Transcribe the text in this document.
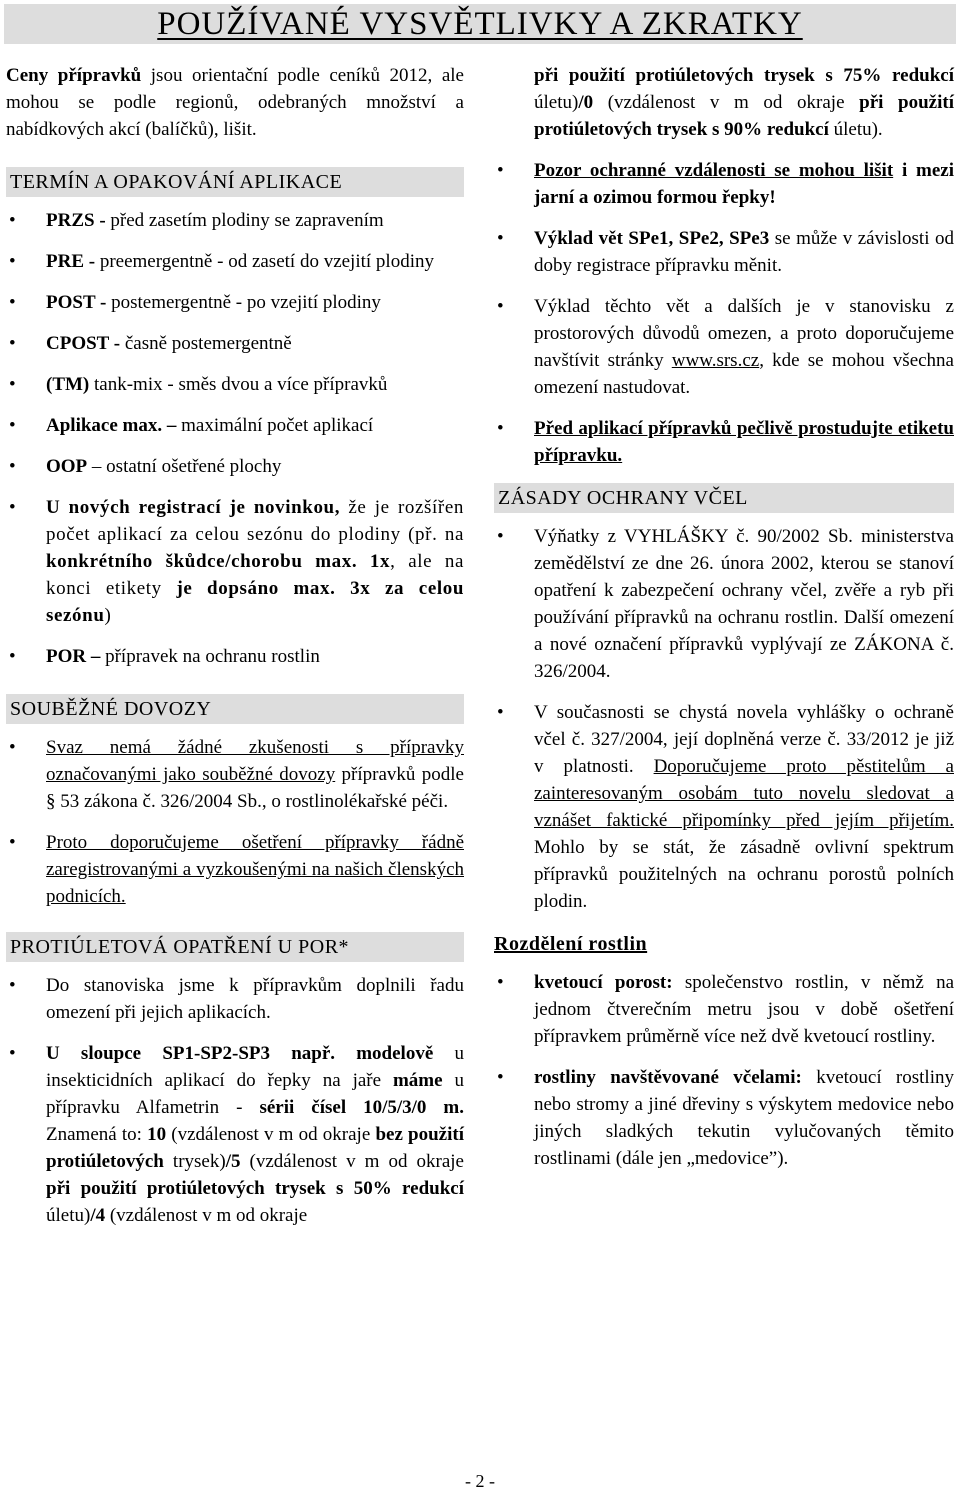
POUŽÍVANÉ VYSVĚTLIVKY A ZKRATKY

Ceny přípravků jsou orientační podle ceníků 2012, ale mohou se podle regionů, odebraných množství a nabídkových akcí (balíčků), lišit.

TERMÍN A OPAKOVÁNÍ APLIKACE
• PRZS - před zasetím plodiny se zapravením
• PRE - preemergentně - od zasetí do vzejití plodiny
• POST - postemergentně - po vzejití plodiny
• CPOST - časně postemergentně
• (TM) tank-mix - směs dvou a více přípravků
• Aplikace max. – maximální počet aplikací
• OOP – ostatní ošetřené plochy
• U nových registrací je novinkou, že je rozšířen počet aplikací za celou sezónu do plodiny (př. na konkrétního škůdce/chorobu max. 1x, ale na konci etikety je dopsáno max. 3x za celou sezónu)
• POR – přípravek na ochranu rostlin
SOUBĚŽNÉ DOVOZY
• Svaz nemá žádné zkušenosti s přípravky označovanými jako souběžné dovozy přípravků podle § 53 zákona č. 326/2004 Sb., o rostlinolékařské péči.
• Proto doporučujeme ošetření přípravky řádně zaregistrovanými a vyzkoušenými na našich členských podnicích.
PROTIÚLETOVÁ OPATŘENÍ U POR*
• Do stanoviska jsme k přípravkům doplnili řadu omezení při jejich aplikacích.
• U sloupce SP1-SP2-SP3 např. modelově u insekticidních aplikací do řepky na jaře máme u přípravku Alfametrin - sérii čísel 10/5/3/0 m. Znamená to: 10 (vzdálenost v m od okraje bez použití protiúletových trysek)/5 (vzdálenost v m od okraje při použití protiúletových trysek s 50% redukcí úletu)/4 (vzdálenost v m od okraje

při použití protiúletových trysek s 75% redukcí úletu)/0 (vzdálenost v m od okraje při použití protiúletových trysek s 90% redukcí úletu).

• Pozor ochranné vzdálenosti se mohou lišit i mezi jarní a ozimou formou řepky!
• Výklad vět SPe1, SPe2, SPe3 se může v závislosti od doby registrace přípravku měnit.
• Výklad těchto vět a dalších je v stanovisku z prostorových důvodů omezen, a proto doporučujeme navštívit stránky www.srs.cz, kde se mohou všechna omezení nastudovat.
• Před aplikací přípravků pečlivě prostudujte etiketu přípravku.
ZÁSADY OCHRANY VČEL
• Výňatky z VYHLÁŠKY č. 90/2002 Sb. ministerstva zemědělství ze dne 26. února 2002, kterou se stanoví opatření k zabezpečení ochrany včel, zvěře a ryb při používání přípravků na ochranu rostlin. Další omezení a nové označení přípravků vyplývají ze ZÁKONA č. 326/2004.
• V současnosti se chystá novela vyhlášky o ochraně včel č. 327/2004, její doplněná verze č. 33/2012 je již v platnosti. Doporučujeme proto pěstitelům a zainteresovaným osobám tuto novelu sledovat a vznášet faktické připomínky před jejím přijetím. Mohlo by se stát, že zásadně ovlivní spektrum přípravků použitelných na ochranu porostů polních plodin.
Rozdělení rostlin
• kvetoucí porost: společenstvo rostlin, v němž na jednom čtverečním metru jsou v době ošetření přípravkem průměrně více než dvě kvetoucí rostliny.
• rostliny navštěvované včelami: kvetoucí rostliny nebo stromy a jiné dřeviny s výskytem medovice nebo jiných sladkých tekutin vylučovaných těmito rostlinami (dále jen „medovice”).
- 2 -
